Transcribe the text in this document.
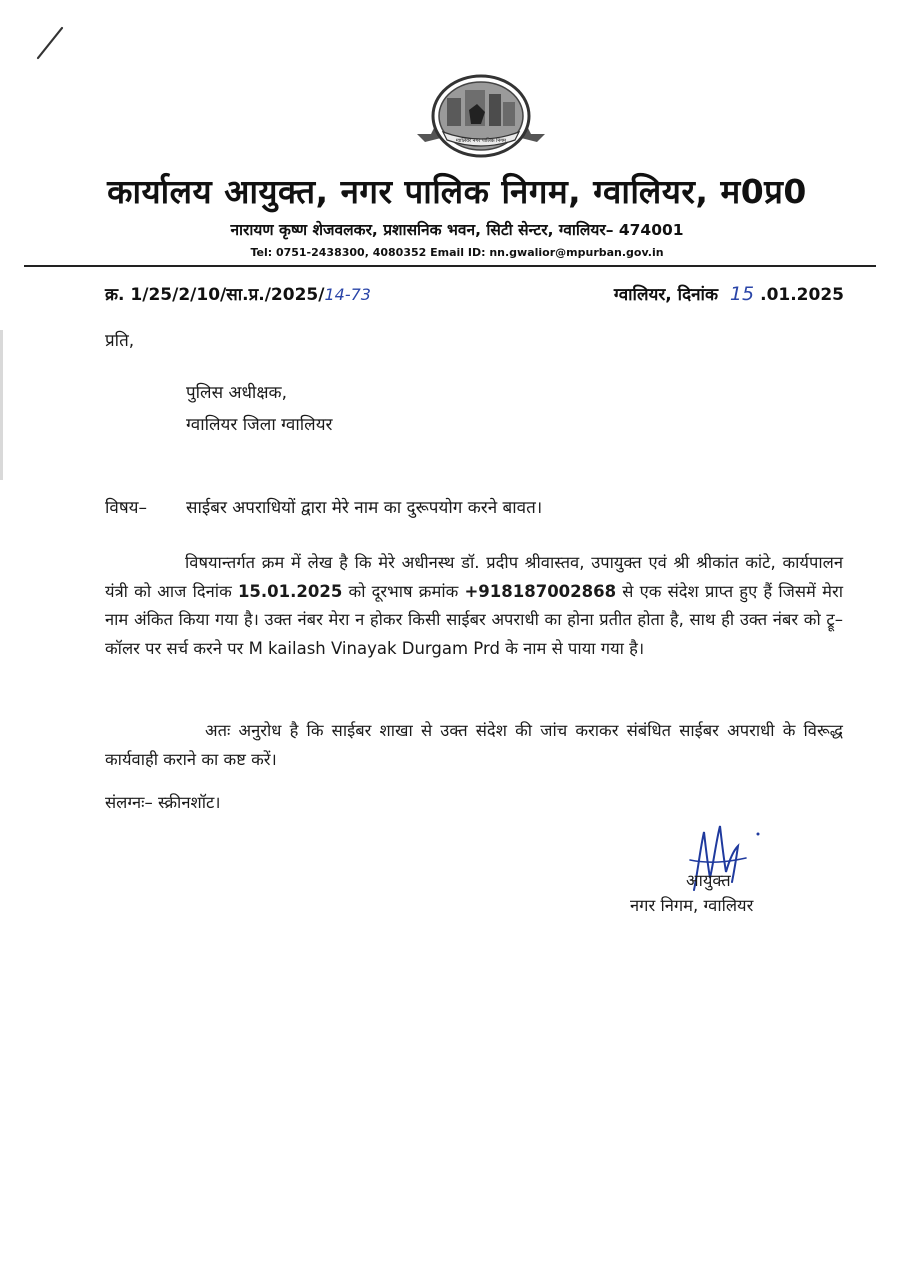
ग्वालियर नगर पालिक निगम
कार्यालय आयुक्त, नगर पालिक निगम, ग्वालियर, म0प्र0
नारायण कृष्ण शेजवलकर, प्रशासनिक भवन, सिटी सेन्टर, ग्वालियर– 474001
Tel: 0751-2438300, 4080352 Email ID: nn.gwalior@mpurban.gov.in
क्र. 1/25/2/10/सा.प्र./2025/14-73	ग्वालियर, दिनांक 15 .01.2025
प्रति,
पुलिस अधीक्षक,
ग्वालियर जिला ग्वालियर
विषय– साईबर अपराधियों द्वारा मेरे नाम का दुरूपयोग करने बावत।
विषयान्तर्गत क्रम में लेख है कि मेरे अधीनस्थ डॉ. प्रदीप श्रीवास्तव, उपायुक्त एवं श्री श्रीकांत कांटे, कार्यपालन यंत्री को आज दिनांक 15.01.2025 को दूरभाष क्रमांक +918187002868 से एक संदेश प्राप्त हुए हैं जिसमें मेरा नाम अंकित किया गया है। उक्त नंबर मेरा न होकर किसी साईबर अपराधी का होना प्रतीत होता है, साथ ही उक्त नंबर को ट्रू–कॉलर पर सर्च करने पर M kailash Vinayak Durgam Prd के नाम से पाया गया है।
अतः अनुरोध है कि साईबर शाखा से उक्त संदेश की जांच कराकर संबंधित साईबर अपराधी के विरूद्ध कार्यवाही कराने का कष्ट करें।
संलग्नः– स्क्रीनशॉट।
आयुक्त
नगर निगम, ग्वालियर
